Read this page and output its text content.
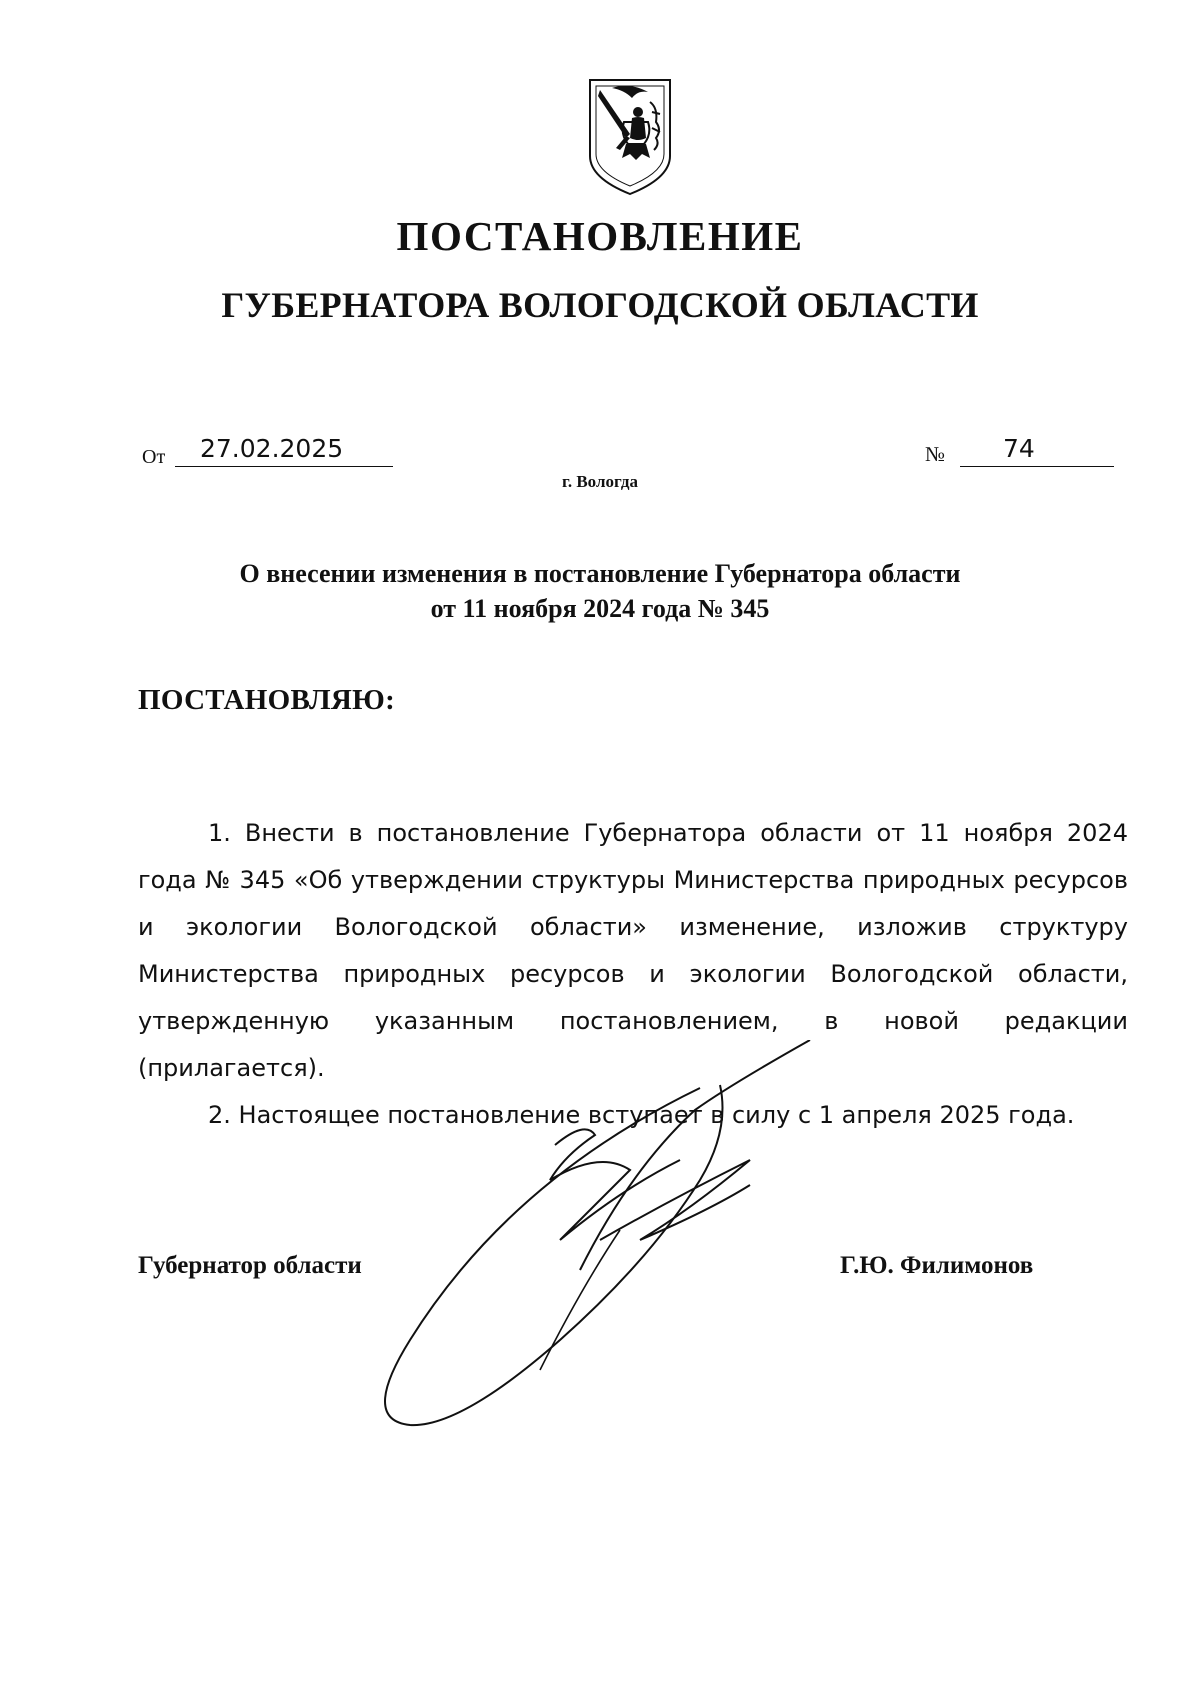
ПОСТАНОВЛЕНИЕ
ГУБЕРНАТОРА ВОЛОГОДСКОЙ ОБЛАСТИ
От	27.02.2025	№	74
г. Вологда
О внесении изменения в постановление Губернатора области
от 11 ноября 2024 года № 345
ПОСТАНОВЛЯЮ:

1. Внести в постановление Губернатора области от 11 ноября 2024 года № 345 «Об утверждении структуры Министерства природных ресурсов и экологии Вологодской области» изменение, изложив структуру Министерства природных ресурсов и экологии Вологодской области, утвержденную указанным постановлением, в новой редакции (прилагается).

2. Настоящее постановление вступает в силу с 1 апреля 2025 года.

Губернатор области	Г.Ю. Филимонов
